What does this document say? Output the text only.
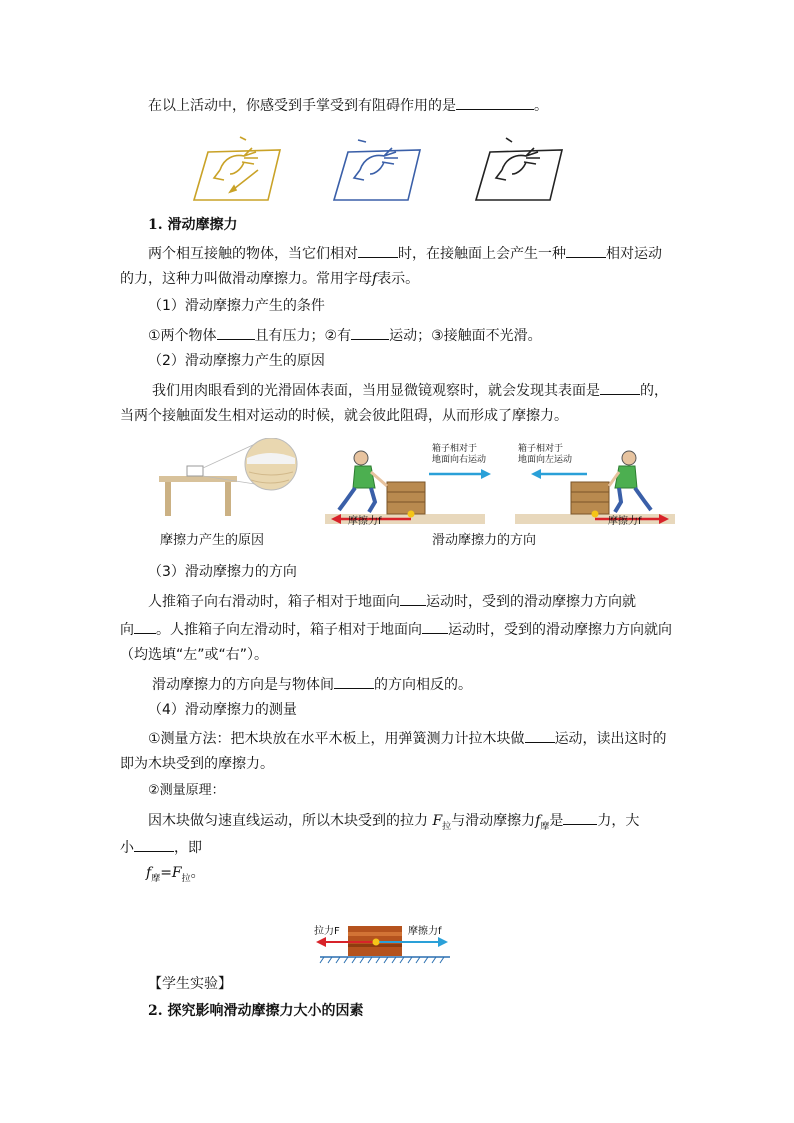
在以上活动中，你感受到手掌受到有阻碍作用的是	。
1. 滑动摩擦力
两个相互接触的物体，当它们相对	时，在接触面上会产生一种	相对运动
的力，这种力叫做滑动摩擦力。常用字母f表示。
（1）滑动摩擦力产生的条件
①两个物体	且有压力；②有	运动；③接触面不光滑。
（2）滑动摩擦力产生的原因
我们用肉眼看到的光滑固体表面，当用显微镜观察时，就会发现其表面是	的，
当两个接触面发生相对运动的时候，就会彼此阻碍，从而形成了摩擦力。
箱子相对于
地面向右运动
箱子相对于
地面向左运动
摩擦力f	摩擦力f
摩擦力产生的原因	滑动摩擦力的方向
（3）滑动摩擦力的方向
人推箱子向右滑动时，箱子相对于地面向 运动时，受到的滑动摩擦力方向就
向 。人推箱子向左滑动时，箱子相对于地面向 运动时，受到的滑动摩擦力方向就向
（均选填“左”或“右”）。
滑动摩擦力的方向是与物体间	的方向相反的。
（4）滑动摩擦力的测量
①测量方法：把木块放在水平木板上，用弹簧测力计拉木块做 运动，读出这时的
即为木块受到的摩擦力。
②测量原理：
因木块做匀速直线运动，所以木块受到的拉力 $F_拉$与滑动摩擦力$f_摩$是 力，大
小	，即
$f_摩=F_拉$。
拉力F	摩擦力f
【学生实验】
2. 探究影响滑动摩擦力大小的因素
